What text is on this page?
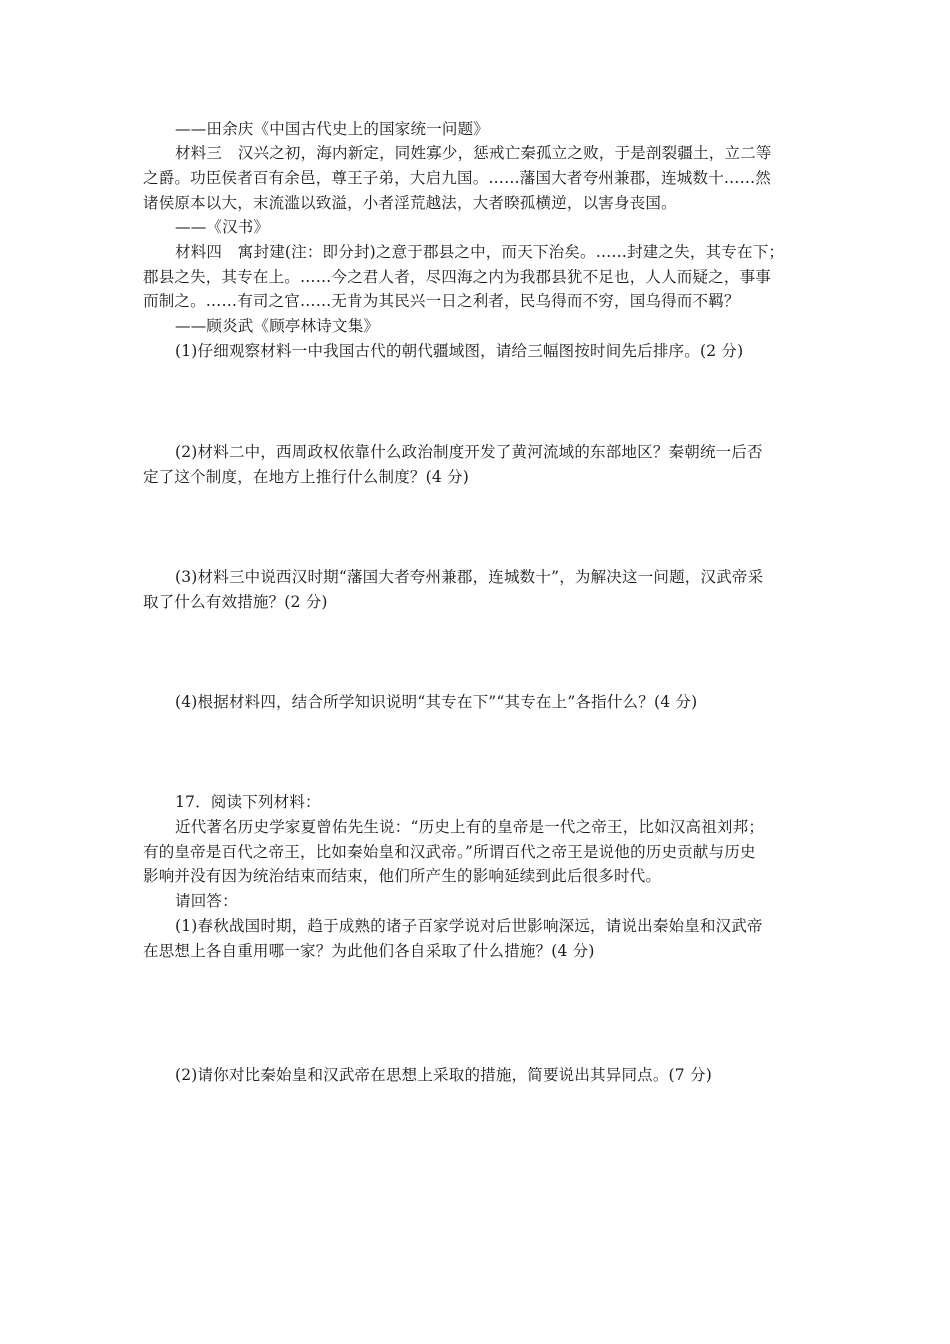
——田余庆《中国古代史上的国家统一问题》
材料三　汉兴之初，海内新定，同姓寡少，惩戒亡秦孤立之败，于是剖裂疆土，立二等
之爵。功臣侯者百有余邑，尊王子弟，大启九国。……藩国大者夸州兼郡，连城数十……然
诸侯原本以大，末流滥以致溢，小者淫荒越法，大者睽孤横逆，以害身丧国。
——《汉书》
材料四　寓封建(注：即分封)之意于郡县之中，而天下治矣。……封建之失，其专在下；
郡县之失，其专在上。……今之君人者，尽四海之内为我郡县犹不足也，人人而疑之，事事
而制之。……有司之官……无肯为其民兴一日之利者，民乌得而不穷，国乌得而不羁？
——顾炎武《顾亭林诗文集》
(1)仔细观察材料一中我国古代的朝代疆域图，请给三幅图按时间先后排序。(2 分)
(2)材料二中，西周政权依靠什么政治制度开发了黄河流域的东部地区？秦朝统一后否
定了这个制度，在地方上推行什么制度？(4 分)
(3)材料三中说西汉时期“藩国大者夸州兼郡，连城数十”，为解决这一问题，汉武帝采
取了什么有效措施？(2 分)
(4)根据材料四，结合所学知识说明“其专在下”“其专在上”各指什么？(4 分)
17．阅读下列材料：
近代著名历史学家夏曾佑先生说：“历史上有的皇帝是一代之帝王，比如汉高祖刘邦；
有的皇帝是百代之帝王，比如秦始皇和汉武帝。”所谓百代之帝王是说他的历史贡献与历史
影响并没有因为统治结束而结束，他们所产生的影响延续到此后很多时代。
请回答：
(1)春秋战国时期，趋于成熟的诸子百家学说对后世影响深远，请说出秦始皇和汉武帝
在思想上各自重用哪一家？为此他们各自采取了什么措施？(4 分)
(2)请你对比秦始皇和汉武帝在思想上采取的措施，简要说出其异同点。(7 分)
